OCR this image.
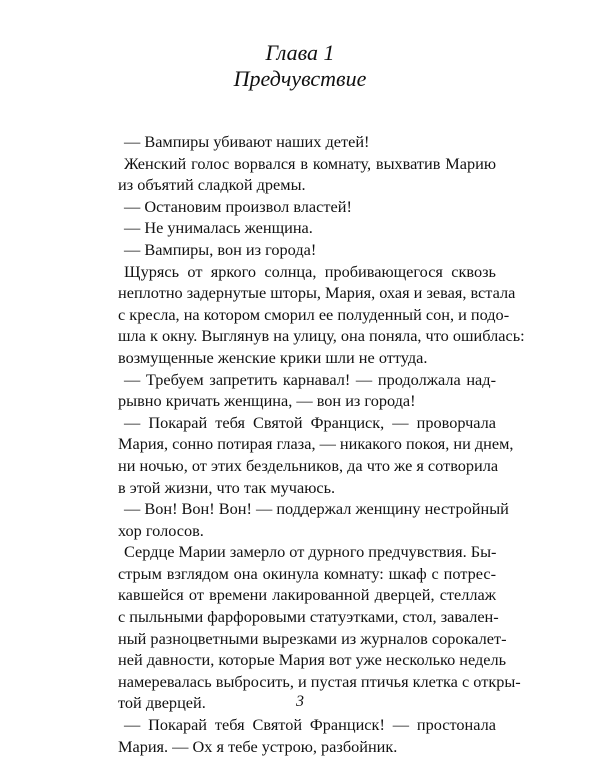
Глава 1
Предчувствие
— Вампиры убивают наших детей!
Женский голос ворвался в комнату, выхватив Марию
из объятий сладкой дремы.
— Остановим произвол властей!
— Не унималась женщина.
— Вампиры, вон из города!
Щурясь от яркого солнца, пробивающегося сквозь
неплотно задернутые шторы, Мария, охая и зевая, встала
с кресла, на котором сморил ее полуденный сон, и подо-
шла к окну. Выглянув на улицу, она поняла, что ошиблась:
возмущенные женские крики шли не оттуда.
— Требуем запретить карнавал! — продолжала над-
рывно кричать женщина, — вон из города!
— Покарай тебя Святой Франциск, — проворчала
Мария, сонно потирая глаза, — никакого покоя, ни днем,
ни ночью, от этих бездельников, да что же я сотворила
в этой жизни, что так мучаюсь.
— Вон! Вон! Вон! — поддержал женщину нестройный
хор голосов.
Сердце Марии замерло от дурного предчувствия. Бы-
стрым взглядом она окинула комнату: шкаф с потрес-
кавшейся от времени лакированной дверцей, стеллаж
с пыльными фарфоровыми статуэтками, стол, завален-
ный разноцветными вырезками из журналов сорокалет-
ней давности, которые Мария вот уже несколько недель
намеревалась выбросить, и пустая птичья клетка с откры-
той дверцей.
— Покарай тебя Святой Франциск! — простонала
Мария. — Ох я тебе устрою, разбойник.
3
